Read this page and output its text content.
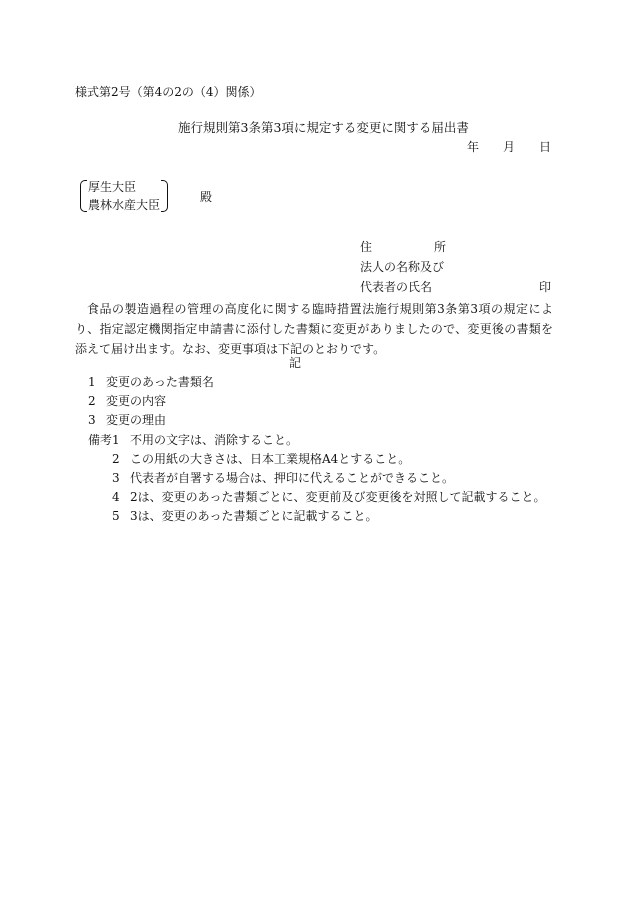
様式第2号（第4の2の（4）関係）
施行規則第3条第3項に規定する変更に関する届出書
年 月 日
厚生大臣
農林水産大臣
殿
住	所
法人の名称及び
代表者の氏名	印
食品の製造過程の管理の高度化に関する臨時措置法施行規則第3条第3項の規定により、指定認定機関指定申請書に添付した書類に変更がありましたので、変更後の書類を添えて届け出ます。なお、変更事項は下記のとおりです。
記
1 変更のあった書類名
2 変更の内容
3 変更の理由
備考 1 不用の文字は、消除すること。
2 この用紙の大きさは、日本工業規格A4とすること。
3 代表者が自署する場合は、押印に代えることができること。
4 2は、変更のあった書類ごとに、変更前及び変更後を対照して記載すること。
5 3は、変更のあった書類ごとに記載すること。
